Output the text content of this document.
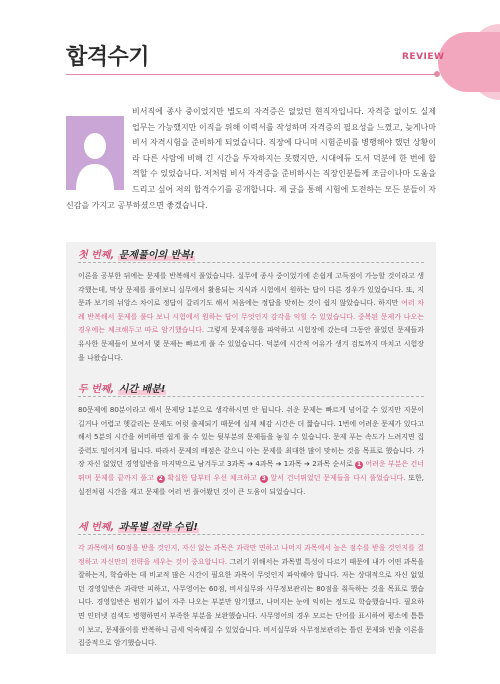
합격수기	REVIEW
비서직에 종사 중이었지만 별도의 자격증은 없었던 현직자입니다. 자격증 없이도 실제 업무는 가능했지만 이직을 위해 이력서를 작성하며 자격증의 필요성을 느꼈고, 늦게나마 비서 자격시험을 준비하게 되었습니다. 직장에 다니며 시험준비를 병행해야 했던 상황이라 다른 사람에 비해 긴 시간을 투자하지는 못했지만, 시대에듀 도서 덕분에 한 번에 합격할 수 있었습니다. 저처럼 비서 자격증을 준비하시는 직장인분들께 조금이나마 도움을 드리고 싶어 저의 합격수기를 공개합니다. 제 글을 통해 시험에 도전하는 모든 분들이 자신감을 가지고 공부하셨으면 좋겠습니다.
첫 번째, 문제풀이의 반복!
이론을 공부한 뒤에는 문제를 반복해서 풀었습니다. 실무에 종사 중이었기에 손쉽게 고득점이 가능할 것이라고 생각했는데, 막상 문제를 풀어보니 실무에서 활용되는 지식과 시험에서 원하는 답이 다른 경우가 있었습니다. 또, 지문과 보기의 뉘앙스 차이로 정답이 갈리기도 해서 처음에는 정답을 맞히는 것이 쉽지 않았습니다. 하지만 여러 차례 반복해서 문제를 풀다 보니 시험에서 원하는 답이 무엇인지 감각을 익힐 수 있었습니다. 중복된 문제가 나오는 경우에는 체크해두고 따로 암기했습니다. 그렇게 문제유형을 파악하고 시험장에 갔는데 그동안 풀었던 문제들과 유사한 문제들이 보여서 몇 문제는 빠르게 풀 수 있었습니다. 덕분에 시간적 여유가 생겨 검토까지 마치고 시험장을 나왔습니다.
두 번째, 시간 배분!
80문제에 80분이라고 해서 문제당 1분으로 생각하시면 안 됩니다. 쉬운 문제는 빠르게 넘어갈 수 있지만 지문이 길거나 어렵고 헷갈리는 문제도 여럿 출제되기 때문에 실제 체감 시간은 더 짧습니다. 1번에 어려운 문제가 있다고 해서 5분의 시간을 허비하면 쉽게 풀 수 있는 뒷부분의 문제들을 놓칠 수 있습니다. 문제 푸는 속도가 느려지면 집중력도 떨어지게 됩니다. 따라서 문제의 배점은 같으니 아는 문제를 최대한 많이 맞히는 것을 목표로 했습니다. 가장 자신 없었던 경영일반을 마지막으로 남겨두고 3과목 ➔ 4과목 ➔ 1과목 ➔ 2과목 순서로 1 어려운 부분은 건너뛰며 문제를 끝까지 풀고 2 확실한 답부터 우선 체크하고 3 앞서 건너뛰었던 문제들을 다시 풀었습니다. 또한, 실전처럼 시간을 재고 문제를 여러 번 풀어봤던 것이 큰 도움이 되었습니다.
세 번째, 과목별 전략 수립!
각 과목에서 60점을 받을 것인지, 자신 없는 과목은 과락만 면하고 나머지 과목에서 높은 점수를 받을 것인지를 결정하고 자신만의 전략을 세우는 것이 중요합니다. 그러기 위해서는 과목별 특성이 다르기 때문에 내가 어떤 과목을 잘하는지, 학습하는 데 비교적 많은 시간이 필요한 과목이 무엇인지 파악해야 합니다. 저는 상대적으로 자신 없었던 경영일반은 과락만 피하고, 사무영어는 60점, 비서실무와 사무정보관리는 80점을 취득하는 것을 목표로 했습니다. 경영일반은 범위가 넓어 자주 나오는 부분만 암기했고, 나머지는 눈에 익히는 정도로 학습했습니다. 필요하면 인터넷 검색도 병행하면서 부족한 부분을 보완했습니다. 사무영어의 경우 모르는 단어를 표시하여 평소에 틈틈이 보고, 문제풀이를 반복하니 금세 익숙해질 수 있었습니다. 비서실무와 사무정보관리는 틀린 문제와 빈출 이론을 집중적으로 암기했습니다.
